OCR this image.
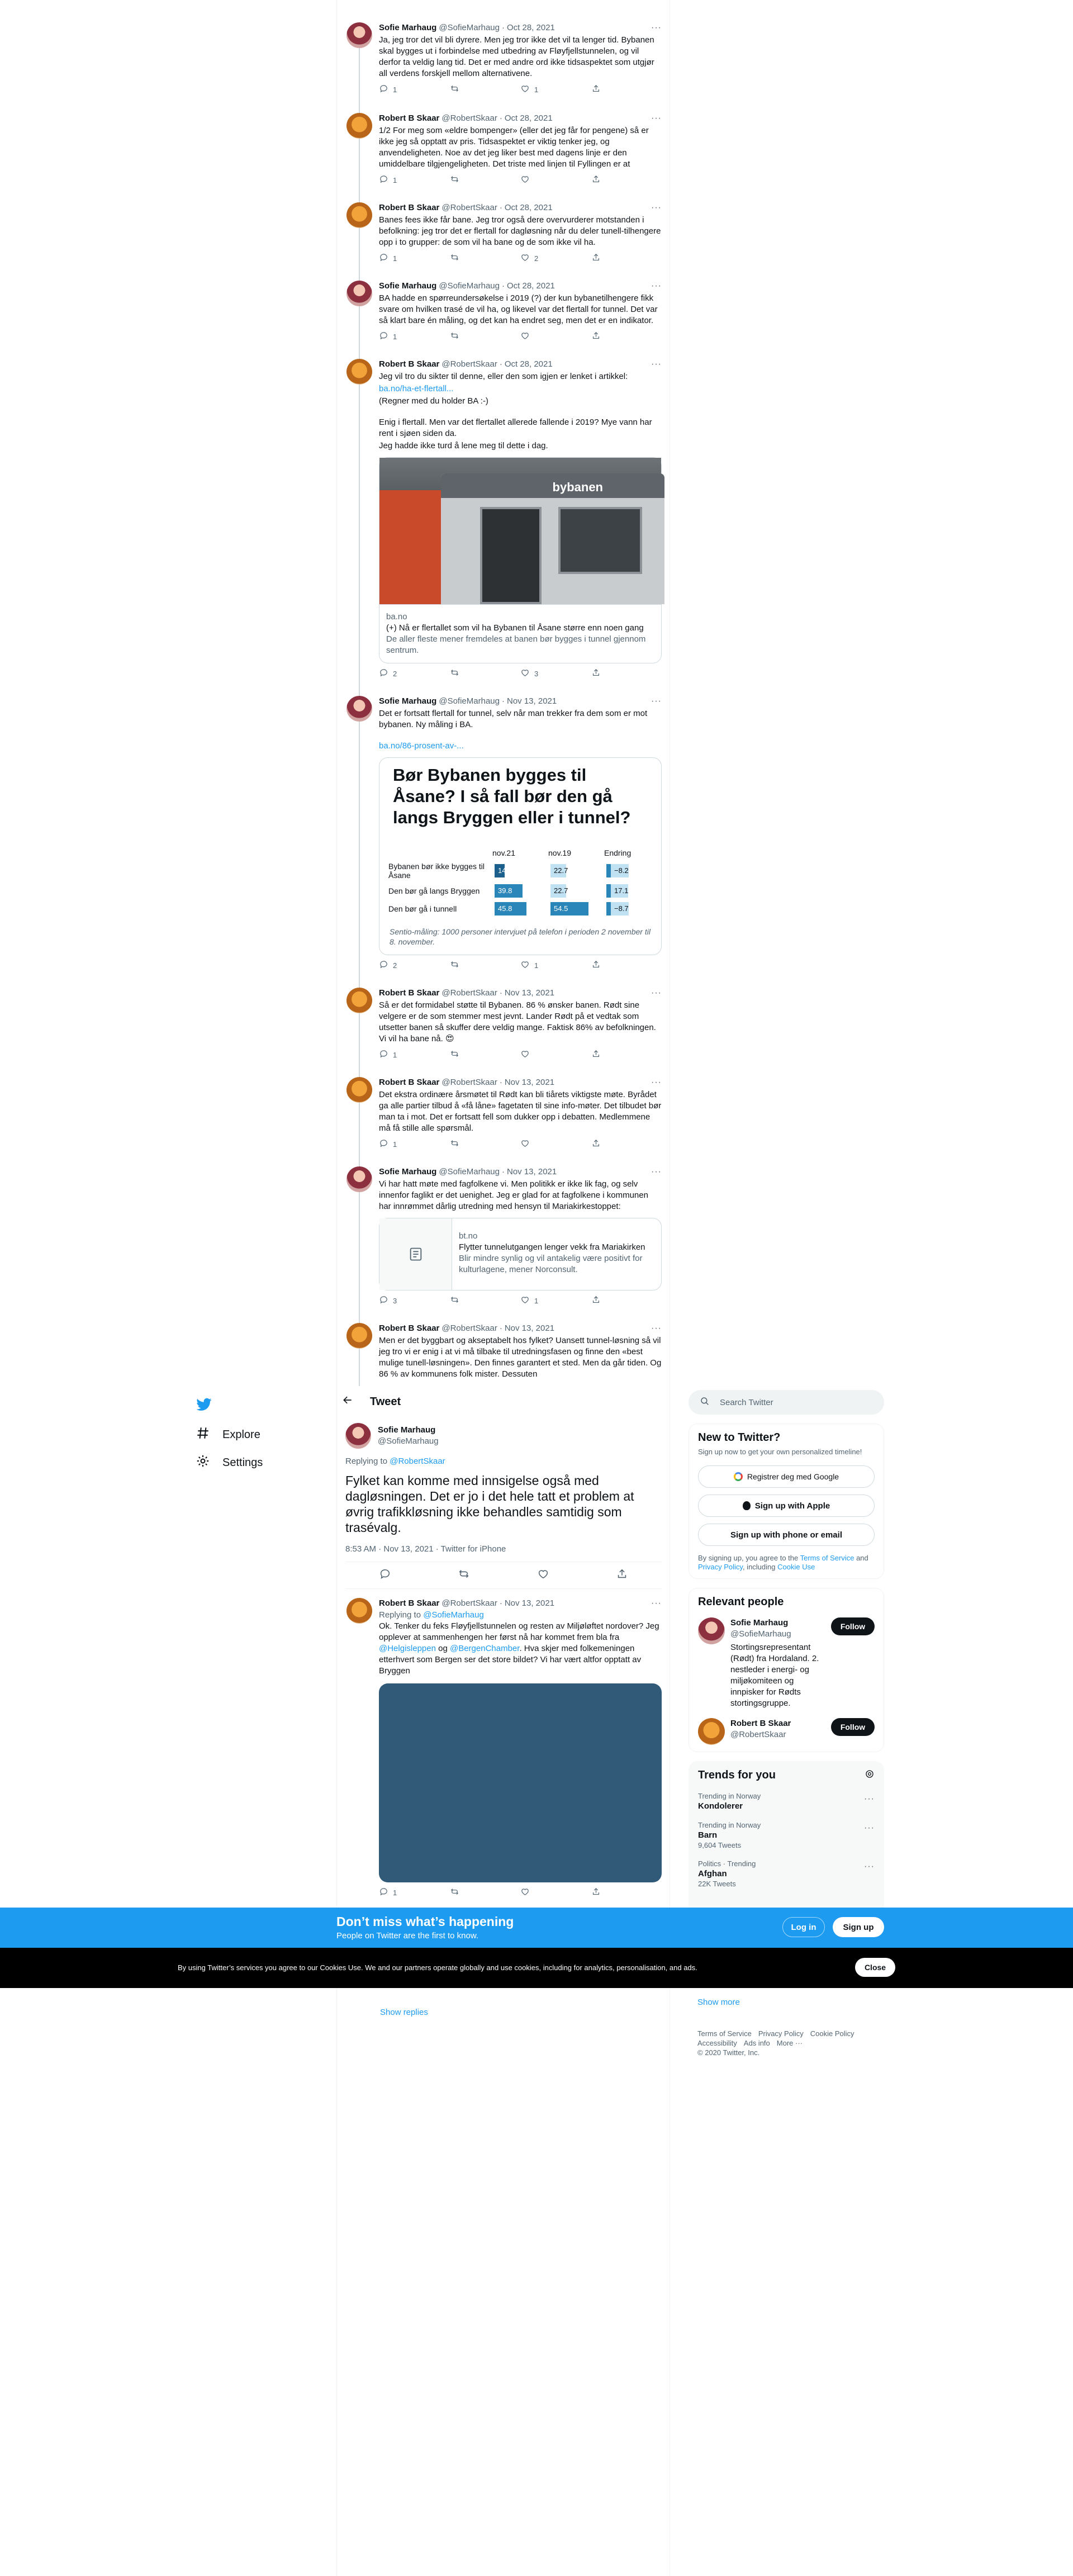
Sofie Marhaug @SofieMarhaug · Oct 28, 2021	···

Ja, jeg tror det vil bli dyrere. Men jeg tror ikke det vil ta lenger tid. Bybanen skal bygges ut i forbindelse med utbedring av Fløyfjellstunnelen, og vil derfor ta veldig lang tid. Det er med andre ord ikke tidsaspektet som utgjør all verdens forskjell mellom alternativene.

1	1
Robert B Skaar @RobertSkaar · Oct 28, 2021	···

1/2 For meg som «eldre bompenger» (eller det jeg får for pengene) så er ikke jeg så opptatt av pris. Tidsaspektet er viktig tenker jeg, og anvendeligheten. Noe av det jeg liker best med dagens linje er den umiddelbare tilgjengeligheten. Det triste med linjen til Fyllingen er at

1
Robert B Skaar @RobertSkaar · Oct 28, 2021	···

Banes fees ikke får bane. Jeg tror også dere overvurderer motstanden i befolkning: jeg tror det er flertall for dagløsning når du deler tunell-tilhengere opp i to grupper: de som vil ha bane og de som ikke vil ha.

1	2
Sofie Marhaug @SofieMarhaug · Oct 28, 2021	···

BA hadde en spørreundersøkelse i 2019 (?) der kun bybanetilhengere fikk svare om hvilken trasé de vil ha, og likevel var det flertall for tunnel. Det var så klart bare én måling, og det kan ha endret seg, men det er en indikator.

1
Robert B Skaar @RobertSkaar · Oct 28, 2021	···

Jeg vil tro du sikter til denne, eller den som igjen er lenket i artikkel:

ba.no/ha-et-flertall...

(Regner med du holder BA :-)

Enig i flertall. Men var det flertallet allerede fallende i 2019? Mye vann har rent i sjøen siden da.

Jeg hadde ikke turd å lene meg til dette i dag.

bybanen
ba.no
(+) Nå er flertallet som vil ha Bybanen til Åsane større enn noen gang
De aller fleste mener fremdeles at banen bør bygges i tunnel gjennom sentrum.
2	3
Sofie Marhaug @SofieMarhaug · Nov 13, 2021	···

Det er fortsatt flertall for tunnel, selv når man trekker fra dem som er mot bybanen. Ny måling i BA.

ba.no/86-prosent-av-...

Bør Bybanen bygges til Åsane? I så fall bør den gå langs Bryggen eller i tunnel?
	nov.21	nov.19	Endring
Bybanen bør ikke bygges til Åsane	14.5	22.7	−8.2
Den bør gå langs Bryggen	39.8	22.7	17.1
Den bør gå i tunnell	45.8	54.5	−8.7
Sentio-måling: 1000 personer intervjuet på telefon i perioden 2 november til 8. november.
2	1
Robert B Skaar @RobertSkaar · Nov 13, 2021	···

Så er det formidabel støtte til Bybanen. 86 % ønsker banen. Rødt sine velgere er de som stemmer mest jevnt. Lander Rødt på et vedtak som utsetter banen så skuffer dere veldig mange. Faktisk 86% av befolkningen. Vi vil ha bane nå. 😍

1
Robert B Skaar @RobertSkaar · Nov 13, 2021	···

Det ekstra ordinære årsmøtet til Rødt kan bli tiårets viktigste møte. Byrådet ga alle partier tilbud å «få låne» fagetaten til sine info-møter. Det tilbudet bør man ta i mot. Det er fortsatt fell som dukker opp i debatten. Medlemmene må få stille alle spørsmål.

1
Sofie Marhaug @SofieMarhaug · Nov 13, 2021	···

Vi har hatt møte med fagfolkene vi. Men politikk er ikke lik fag, og selv innenfor faglikt er det uenighet. Jeg er glad for at fagfolkene i kommunen har innrømmet dårlig utredning med hensyn til Mariakirkestoppet:

bt.no
Flytter tunnelutgangen lenger vekk fra Mariakirken
Blir mindre synlig og vil antakelig være positivt for kulturlagene, mener Norconsult.
3	1
Robert B Skaar @RobertSkaar · Nov 13, 2021	···

Men er det byggbart og akseptabelt hos fylket? Uansett tunnel-løsning så vil jeg tro vi er enig i at vi må tilbake til utredningsfasen og finne den «best mulige tunell-løsningen». Den finnes garantert et sted. Men da går tiden. Og 86 % av kommunens folk mister. Dessuten

Explore
Settings
Tweet
Sofie Marhaug
@SofieMarhaug
Replying to @RobertSkaar
Fylket kan komme med innsigelse også med dagløsningen. Det er jo i det hele tatt et problem at øvrig trafikkløsning ikke behandles samtidig som trasévalg.
8:53 AM · Nov 13, 2021 · Twitter for iPhone
Robert B Skaar @RobertSkaar · Nov 13, 2021	···
Replying to @SofieMarhaug
Ok. Tenker du feks Fløyfjellstunnelen og resten av Miljøløftet nordover? Jeg opplever at sammenhengen her først nå har kommet frem bla fra
@Helgisleppen og @BergenChamber. Hva skjer med folkemeningen etterhvert som Bergen ser det store bildet? Vi har vært altfor opptatt av Bryggen
1
Show replies
Search Twitter
New to Twitter?
Sign up now to get your own personalized timeline!
Registrer deg med Google
Sign up with Apple
Sign up with phone or email
By signing up, you agree to the Terms of Service and Privacy Policy, including Cookie Use
Relevant people
Sofie Marhaug
@SofieMarhaug
Stortingsrepresentant (Rødt) fra Hordaland. 2. nestleder i energi- og miljøkomiteen og innpisker for Rødts stortingsgruppe.
Follow
Robert B Skaar
@RobertSkaar
Follow
Trends for you
Trending in Norway
Kondolerer
···
Trending in Norway
Barn
9,604 Tweets
···
Politics · Trending
Afghan
22K Tweets
···
Show more
Terms of Service Privacy Policy Cookie Policy
Accessibility Ads info More ···
© 2020 Twitter, Inc.
Don’t miss what’s happening
People on Twitter are the first to know.
Log in	Sign up
By using Twitter’s services you agree to our Cookies Use. We and our partners operate globally and use cookies, including for analytics, personalisation, and ads.	Close
